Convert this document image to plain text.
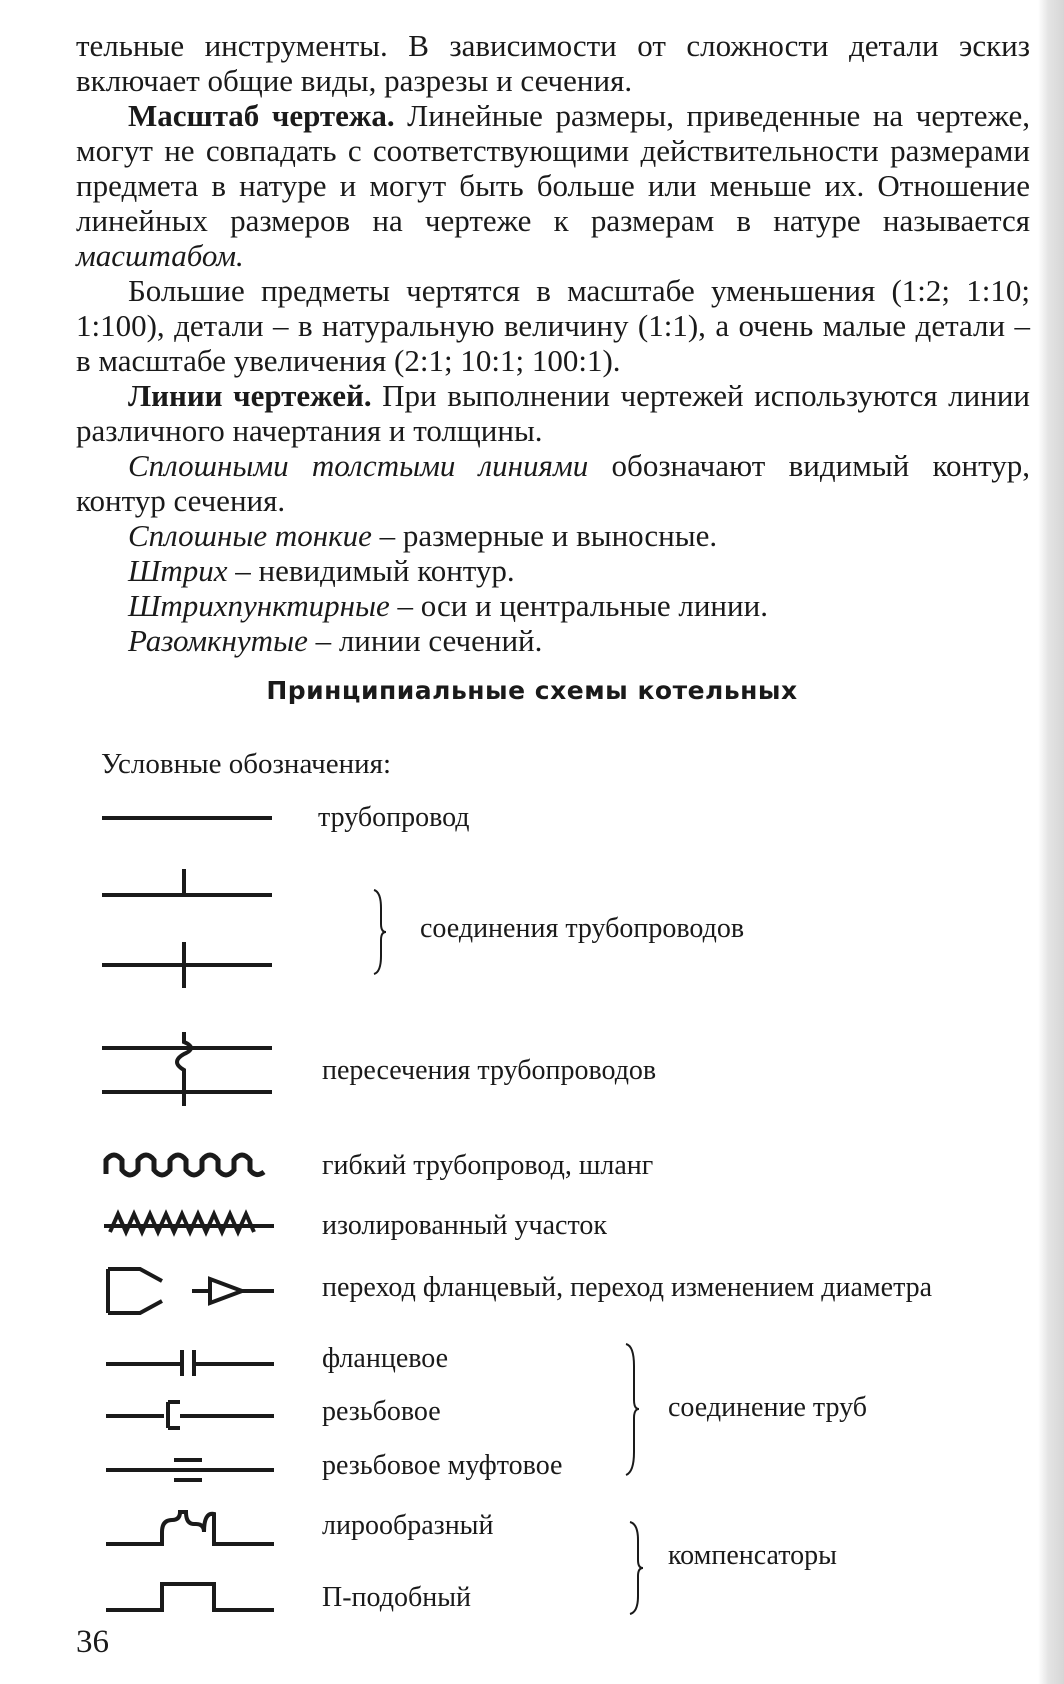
тельные инструменты. В зависимости от сложности детали эскиз включает общие виды, разрезы и сечения.

Масштаб чертежа. Линейные размеры, приведенные на чертеже, могут не совпадать с соответствующими действительности размерами предмета в натуре и могут быть больше или меньше их. Отношение линейных размеров на чертеже к размерам в натуре называется масштабом.

Большие предметы чертятся в масштабе уменьшения (1:2; 1:10; 1:100), детали – в натуральную величину (1:1), а очень малые детали – в масштабе увеличения (2:1; 10:1; 100:1).

Линии чертежей. При выполнении чертежей используются линии различного начертания и толщины.

Сплошными толстыми линиями обозначают видимый контур, контур сечения.

Сплошные тонкие – размерные и выносные.

Штрих – невидимый контур.

Штрихпунктирные – оси и центральные линии.

Разомкнутые – линии сечений.

Принципиальные схемы котельных
Условные обозначения:
трубопровод
соединения трубопроводов
пересечения трубопроводов
гибкий трубопровод, шланг
изолированный участок
переход фланцевый, переход изменением диаметра
фланцевое
резьбовое
резьбовое муфтовое
соединение труб
лирообразный
П-подобный
компенсаторы
36
